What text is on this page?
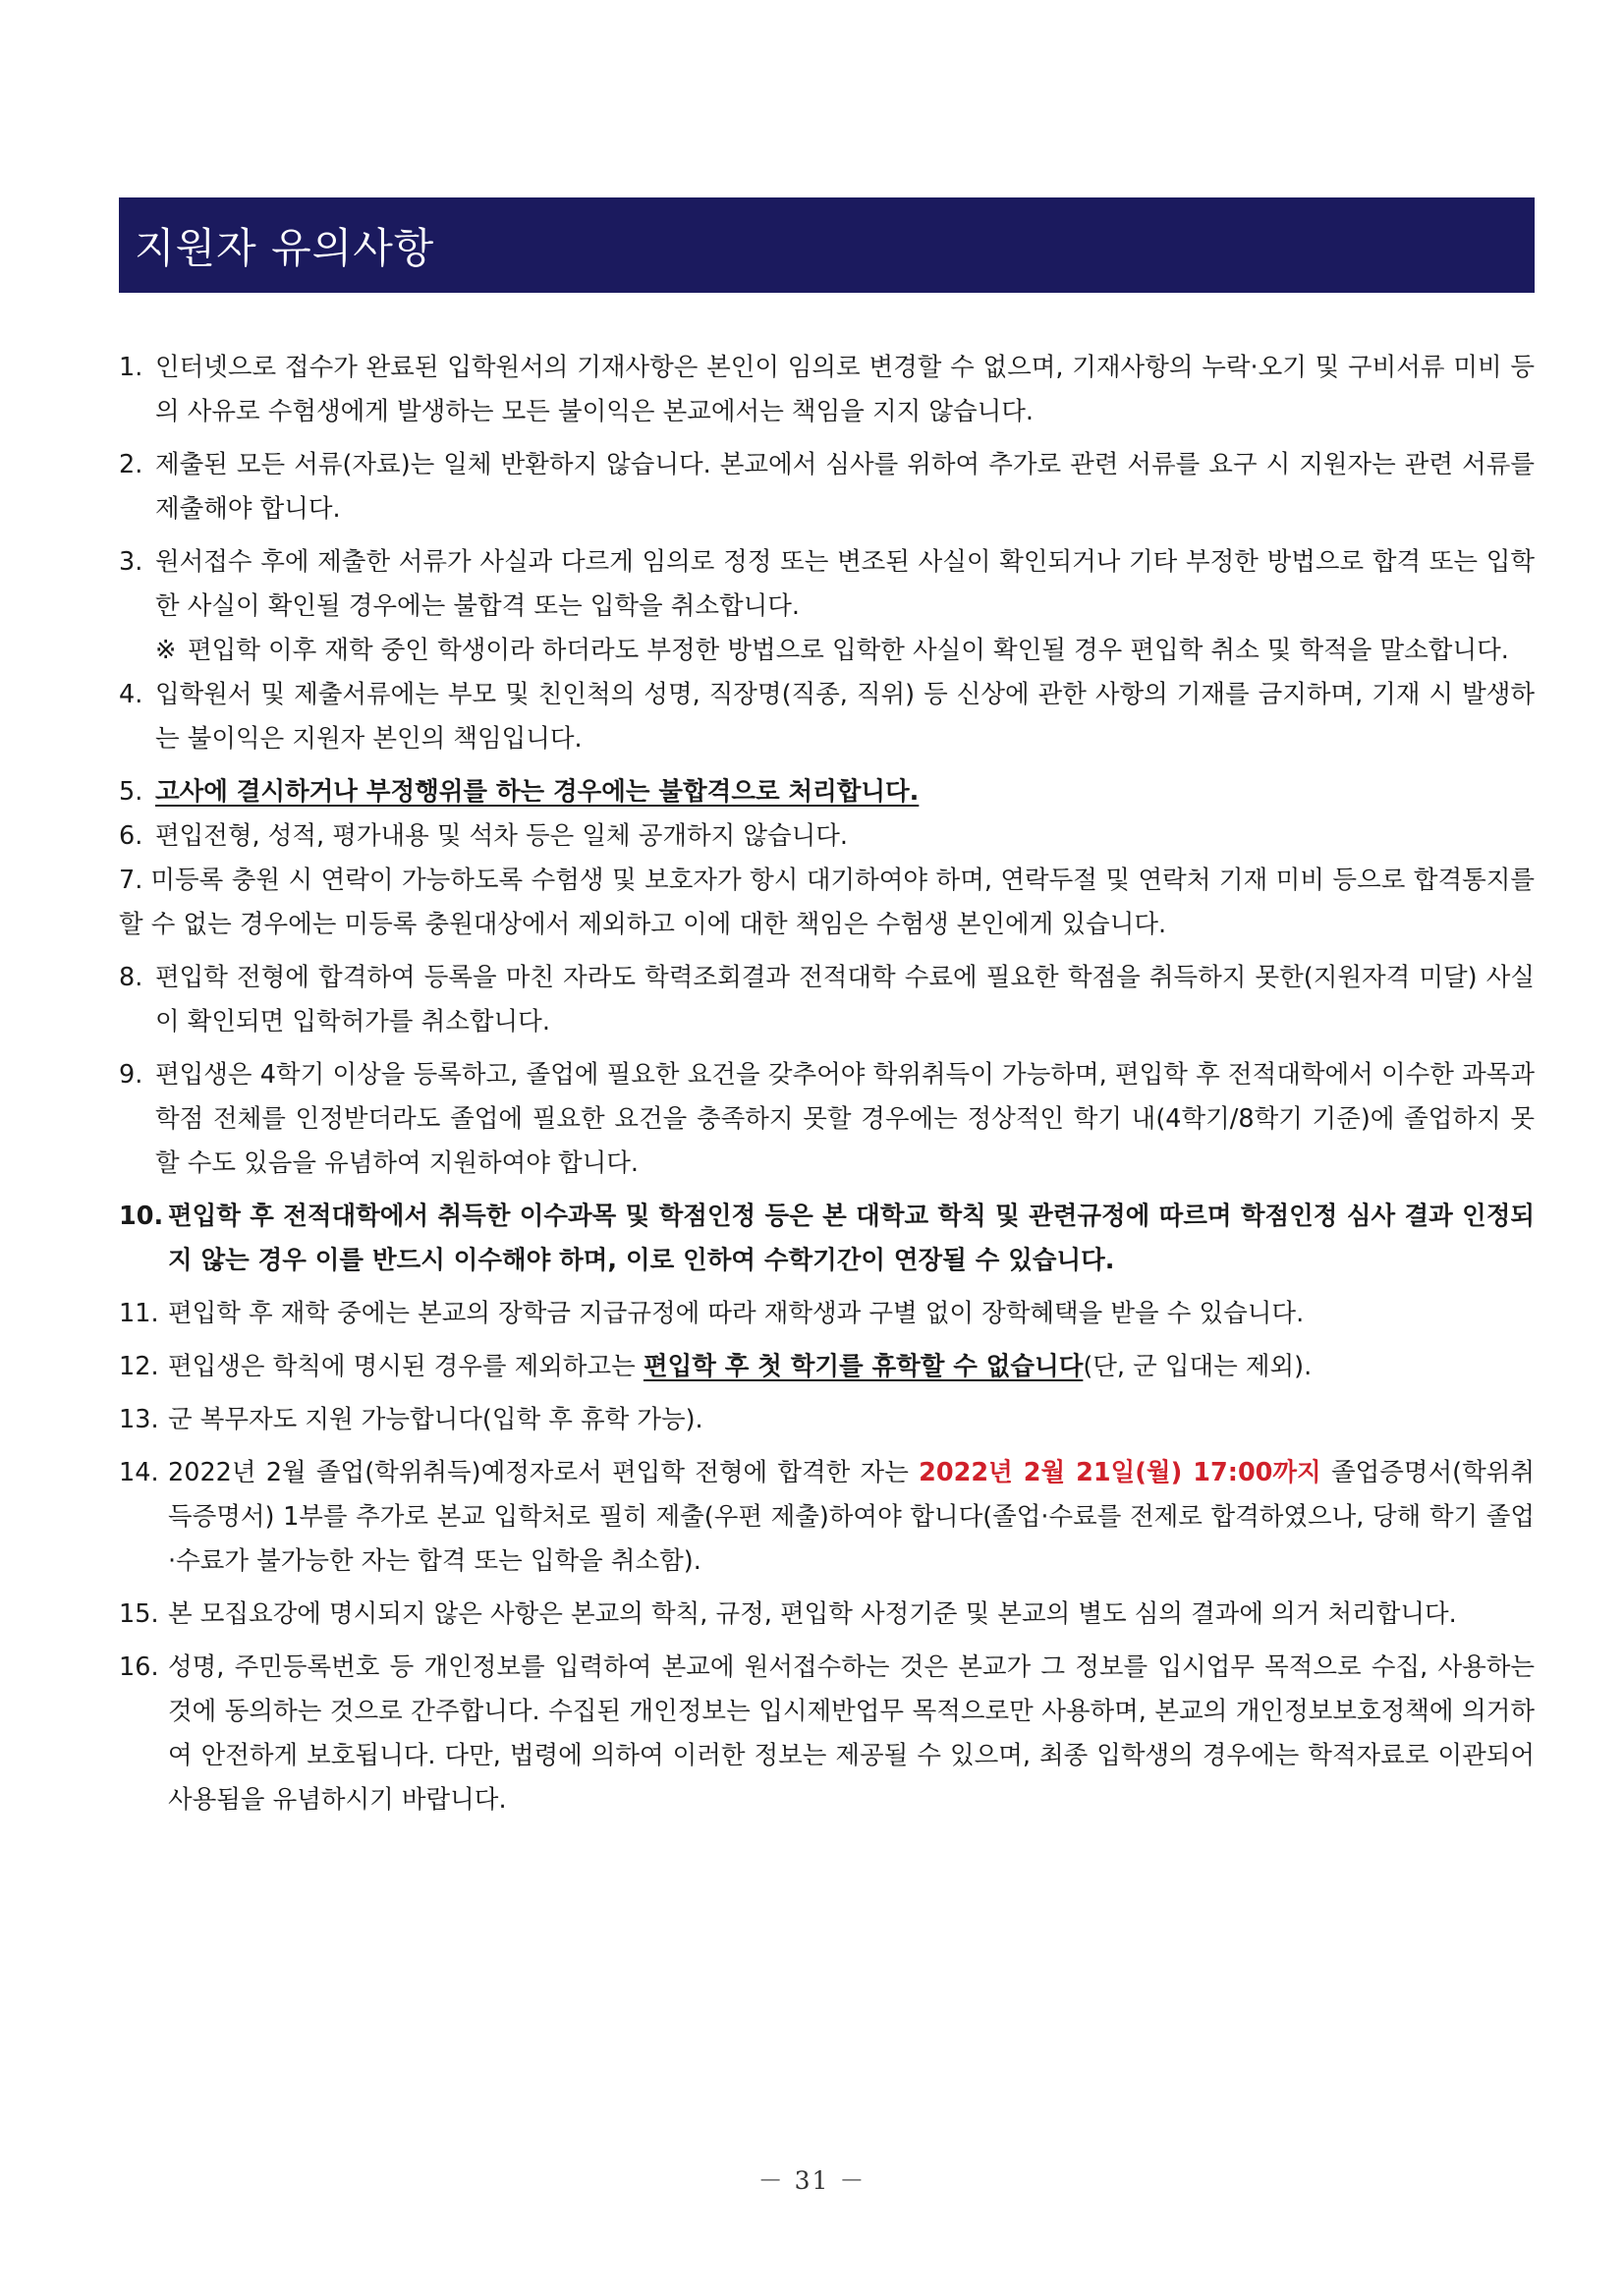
지원자 유의사항
1. 인터넷으로 접수가 완료된 입학원서의 기재사항은 본인이 임의로 변경할 수 없으며, 기재사항의 누락·오기 및 구비서류 미비 등의 사유로 수험생에게 발생하는 모든 불이익은 본교에서는 책임을 지지 않습니다.
2. 제출된 모든 서류(자료)는 일체 반환하지 않습니다. 본교에서 심사를 위하여 추가로 관련 서류를 요구 시 지원자는 관련 서류를 제출해야 합니다.
3. 원서접수 후에 제출한 서류가 사실과 다르게 임의로 정정 또는 변조된 사실이 확인되거나 기타 부정한 방법으로 합격 또는 입학한 사실이 확인될 경우에는 불합격 또는 입학을 취소합니다.
※ 편입학 이후 재학 중인 학생이라 하더라도 부정한 방법으로 입학한 사실이 확인될 경우 편입학 취소 및 학적을 말소합니다.
4. 입학원서 및 제출서류에는 부모 및 친인척의 성명, 직장명(직종, 직위) 등 신상에 관한 사항의 기재를 금지하며, 기재 시 발생하는 불이익은 지원자 본인의 책임입니다.
5. 고사에 결시하거나 부정행위를 하는 경우에는 불합격으로 처리합니다.
6. 편입전형, 성적, 평가내용 및 석차 등은 일체 공개하지 않습니다.
7. 미등록 충원 시 연락이 가능하도록 수험생 및 보호자가 항시 대기하여야 하며, 연락두절 및 연락처 기재 미비 등으로 합격통지를 할 수 없는 경우에는 미등록 충원대상에서 제외하고 이에 대한 책임은 수험생 본인에게 있습니다.
8. 편입학 전형에 합격하여 등록을 마친 자라도 학력조회결과 전적대학 수료에 필요한 학점을 취득하지 못한(지원자격 미달) 사실이 확인되면 입학허가를 취소합니다.
9. 편입생은 4학기 이상을 등록하고, 졸업에 필요한 요건을 갖추어야 학위취득이 가능하며, 편입학 후 전적대학에서 이수한 과목과 학점 전체를 인정받더라도 졸업에 필요한 요건을 충족하지 못할 경우에는 정상적인 학기 내(4학기/8학기 기준)에 졸업하지 못할 수도 있음을 유념하여 지원하여야 합니다.
10. 편입학 후 전적대학에서 취득한 이수과목 및 학점인정 등은 본 대학교 학칙 및 관련규정에 따르며 학점인정 심사 결과 인정되지 않는 경우 이를 반드시 이수해야 하며, 이로 인하여 수학기간이 연장될 수 있습니다.
11. 편입학 후 재학 중에는 본교의 장학금 지급규정에 따라 재학생과 구별 없이 장학혜택을 받을 수 있습니다.
12. 편입생은 학칙에 명시된 경우를 제외하고는 편입학 후 첫 학기를 휴학할 수 없습니다(단, 군 입대는 제외).
13. 군 복무자도 지원 가능합니다(입학 후 휴학 가능).
14. 2022년 2월 졸업(학위취득)예정자로서 편입학 전형에 합격한 자는 2022년 2월 21일(월) 17:00까지 졸업증명서(학위취득증명서) 1부를 추가로 본교 입학처로 필히 제출(우편 제출)하여야 합니다(졸업·수료를 전제로 합격하였으나, 당해 학기 졸업·수료가 불가능한 자는 합격 또는 입학을 취소함).
15. 본 모집요강에 명시되지 않은 사항은 본교의 학칙, 규정, 편입학 사정기준 및 본교의 별도 심의 결과에 의거 처리합니다.
16. 성명, 주민등록번호 등 개인정보를 입력하여 본교에 원서접수하는 것은 본교가 그 정보를 입시업무 목적으로 수집, 사용하는 것에 동의하는 것으로 간주합니다. 수집된 개인정보는 입시제반업무 목적으로만 사용하며, 본교의 개인정보보호정책에 의거하여 안전하게 보호됩니다. 다만, 법령에 의하여 이러한 정보는 제공될 수 있으며, 최종 입학생의 경우에는 학적자료로 이관되어 사용됨을 유념하시기 바랍니다.
－ 31 －
